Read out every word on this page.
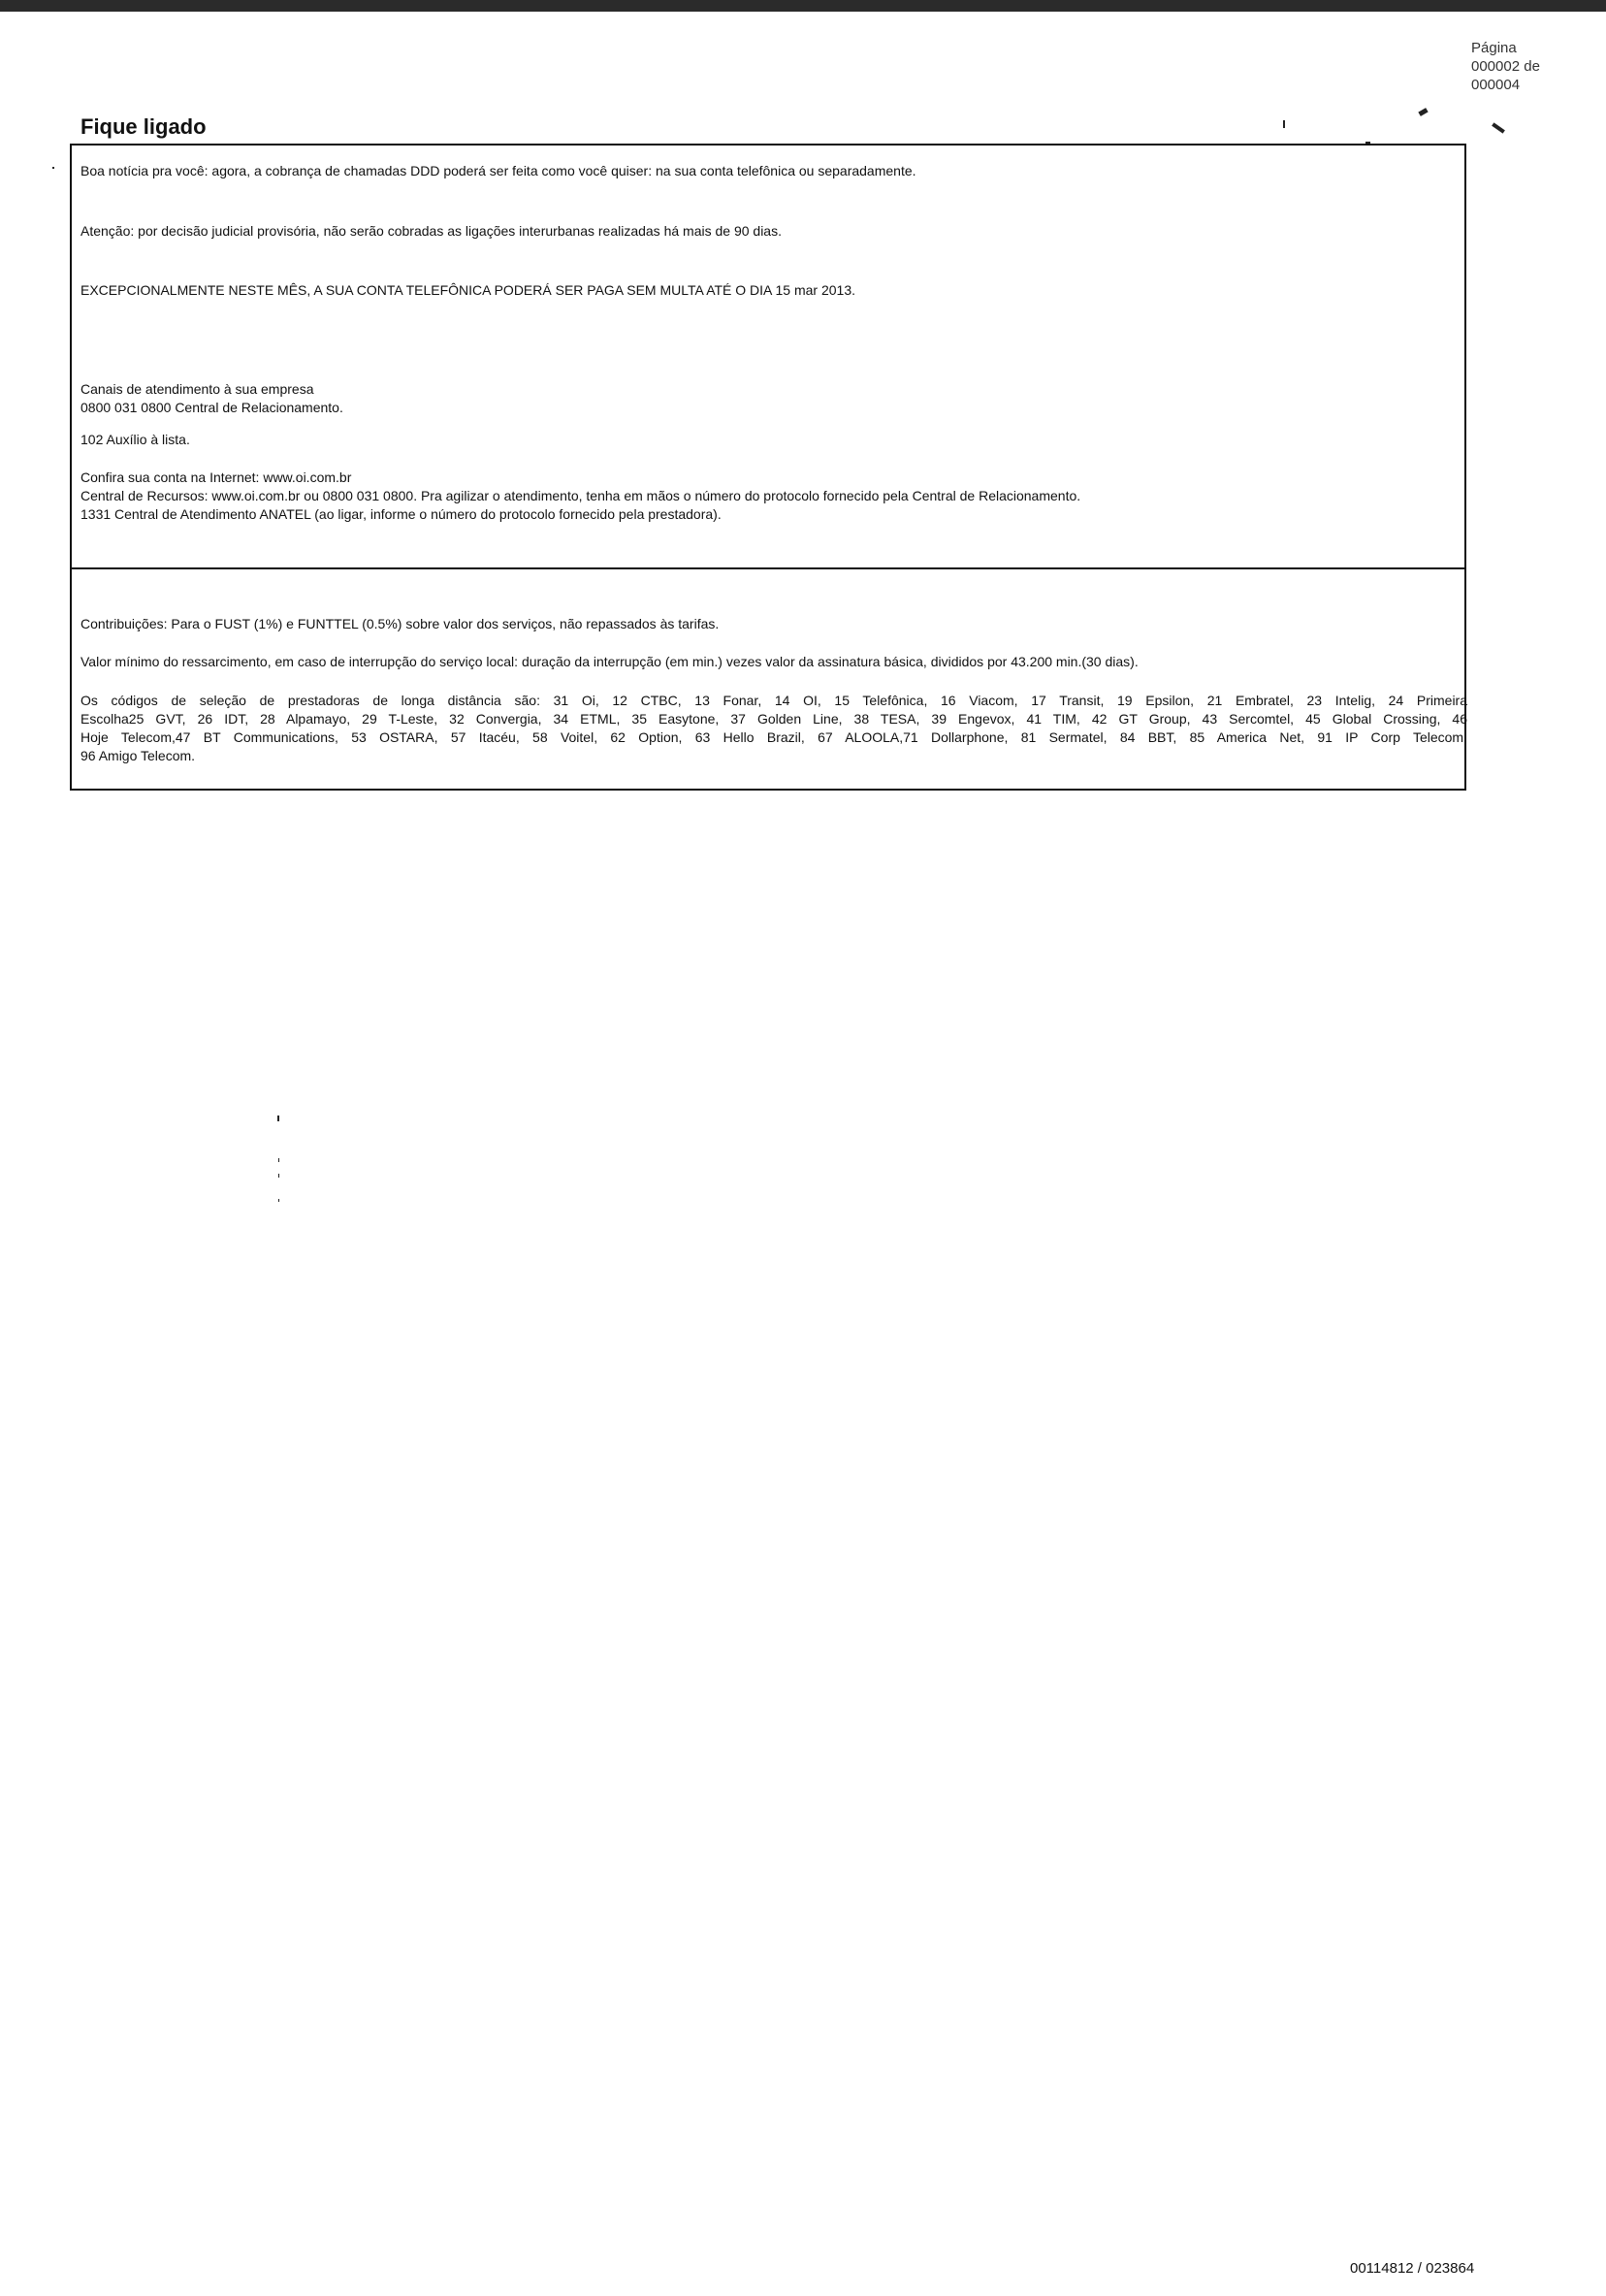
Página
000002 de
000004
Fique ligado

Boa notícia pra você: agora, a cobrança de chamadas DDD poderá ser feita como você quiser: na sua conta telefônica ou separadamente.

Atenção: por decisão judicial provisória, não serão cobradas as ligações interurbanas realizadas há mais de 90 dias.

EXCEPCIONALMENTE NESTE MÊS, A SUA CONTA TELEFÔNICA PODERÁ SER PAGA SEM MULTA ATÉ O DIA 15 mar 2013.

Canais de atendimento à sua empresa

0800 031 0800 Central de Relacionamento.

102 Auxílio à lista.

Confira sua conta na Internet: www.oi.com.br

Central de Recursos: www.oi.com.br ou 0800 031 0800. Pra agilizar o atendimento, tenha em mãos o número do protocolo fornecido pela Central de Relacionamento.

1331 Central de Atendimento ANATEL (ao ligar, informe o número do protocolo fornecido pela prestadora).

Contribuições: Para o FUST (1%) e FUNTTEL (0.5%) sobre valor dos serviços, não repassados às tarifas.

Valor mínimo do ressarcimento, em caso de interrupção do serviço local: duração da interrupção (em min.) vezes valor da assinatura básica, divididos por 43.200 min.(30 dias).

Os códigos de seleção de prestadoras de longa distância são: 31 Oi, 12 CTBC, 13 Fonar, 14 OI, 15 Telefônica, 16 Viacom, 17 Transit, 19 Epsilon, 21 Embratel, 23 Intelig, 24 Primeira
Escolha25 GVT, 26 IDT, 28 Alpamayo, 29 T-Leste, 32 Convergia, 34 ETML, 35 Easytone, 37 Golden Line, 38 TESA, 39 Engevox, 41 TIM, 42 GT Group, 43 Sercomtel, 45 Global Crossing, 46
Hoje Telecom,47 BT Communications, 53 OSTARA, 57 Itacéu, 58 Voitel, 62 Option, 63 Hello Brazil, 67 ALOOLA,71 Dollarphone, 81 Sermatel, 84 BBT, 85 America Net, 91 IP Corp Telecom,
96 Amigo Telecom.
00114812 / 023864
